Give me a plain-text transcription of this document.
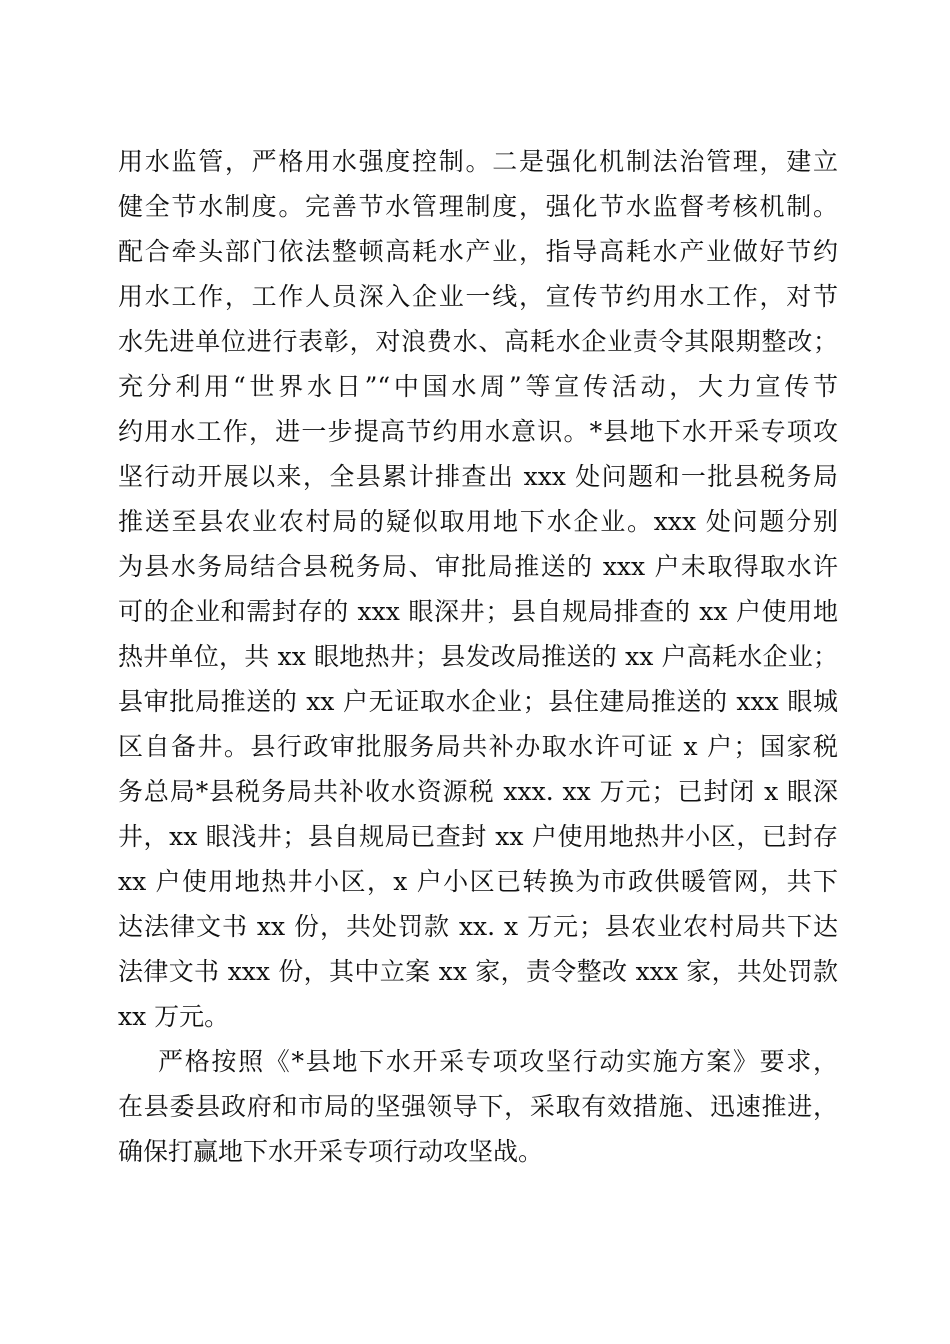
用水监管，严格用水强度控制。二是强化机制法治管理，建立
健全节水制度。完善节水管理制度，强化节水监督考核机制。
配合牵头部门依法整顿高耗水产业，指导高耗水产业做好节约
用水工作，工作人员深入企业一线，宣传节约用水工作，对节
水先进单位进行表彰，对浪费水、高耗水企业责令其限期整改；
充分利用“世界水日”“中国水周”等宣传活动，大力宣传节
约用水工作，进一步提高节约用水意识。*县地下水开采专项攻
坚行动开展以来，全县累计排查出 xxx 处问题和一批县税务局
推送至县农业农村局的疑似取用地下水企业。xxx 处问题分别
为县水务局结合县税务局、审批局推送的 xxx 户未取得取水许
可的企业和需封存的 xxx 眼深井；县自规局排查的 xx 户使用地
热井单位，共 xx 眼地热井；县发改局推送的 xx 户高耗水企业；
县审批局推送的 xx 户无证取水企业；县住建局推送的 xxx 眼城
区自备井。县行政审批服务局共补办取水许可证 x 户；国家税
务总局*县税务局共补收水资源税 xxx. xx 万元；已封闭 x 眼深
井，xx 眼浅井；县自规局已查封 xx 户使用地热井小区，已封存
xx 户使用地热井小区，x 户小区已转换为市政供暖管网，共下
达法律文书 xx 份，共处罚款 xx. x 万元；县农业农村局共下达
法律文书 xxx 份，其中立案 xx 家，责令整改 xxx 家，共处罚款
xx 万元。
严格按照《*县地下水开采专项攻坚行动实施方案》要求，
在县委县政府和市局的坚强领导下，采取有效措施、迅速推进，
确保打赢地下水开采专项行动攻坚战。
